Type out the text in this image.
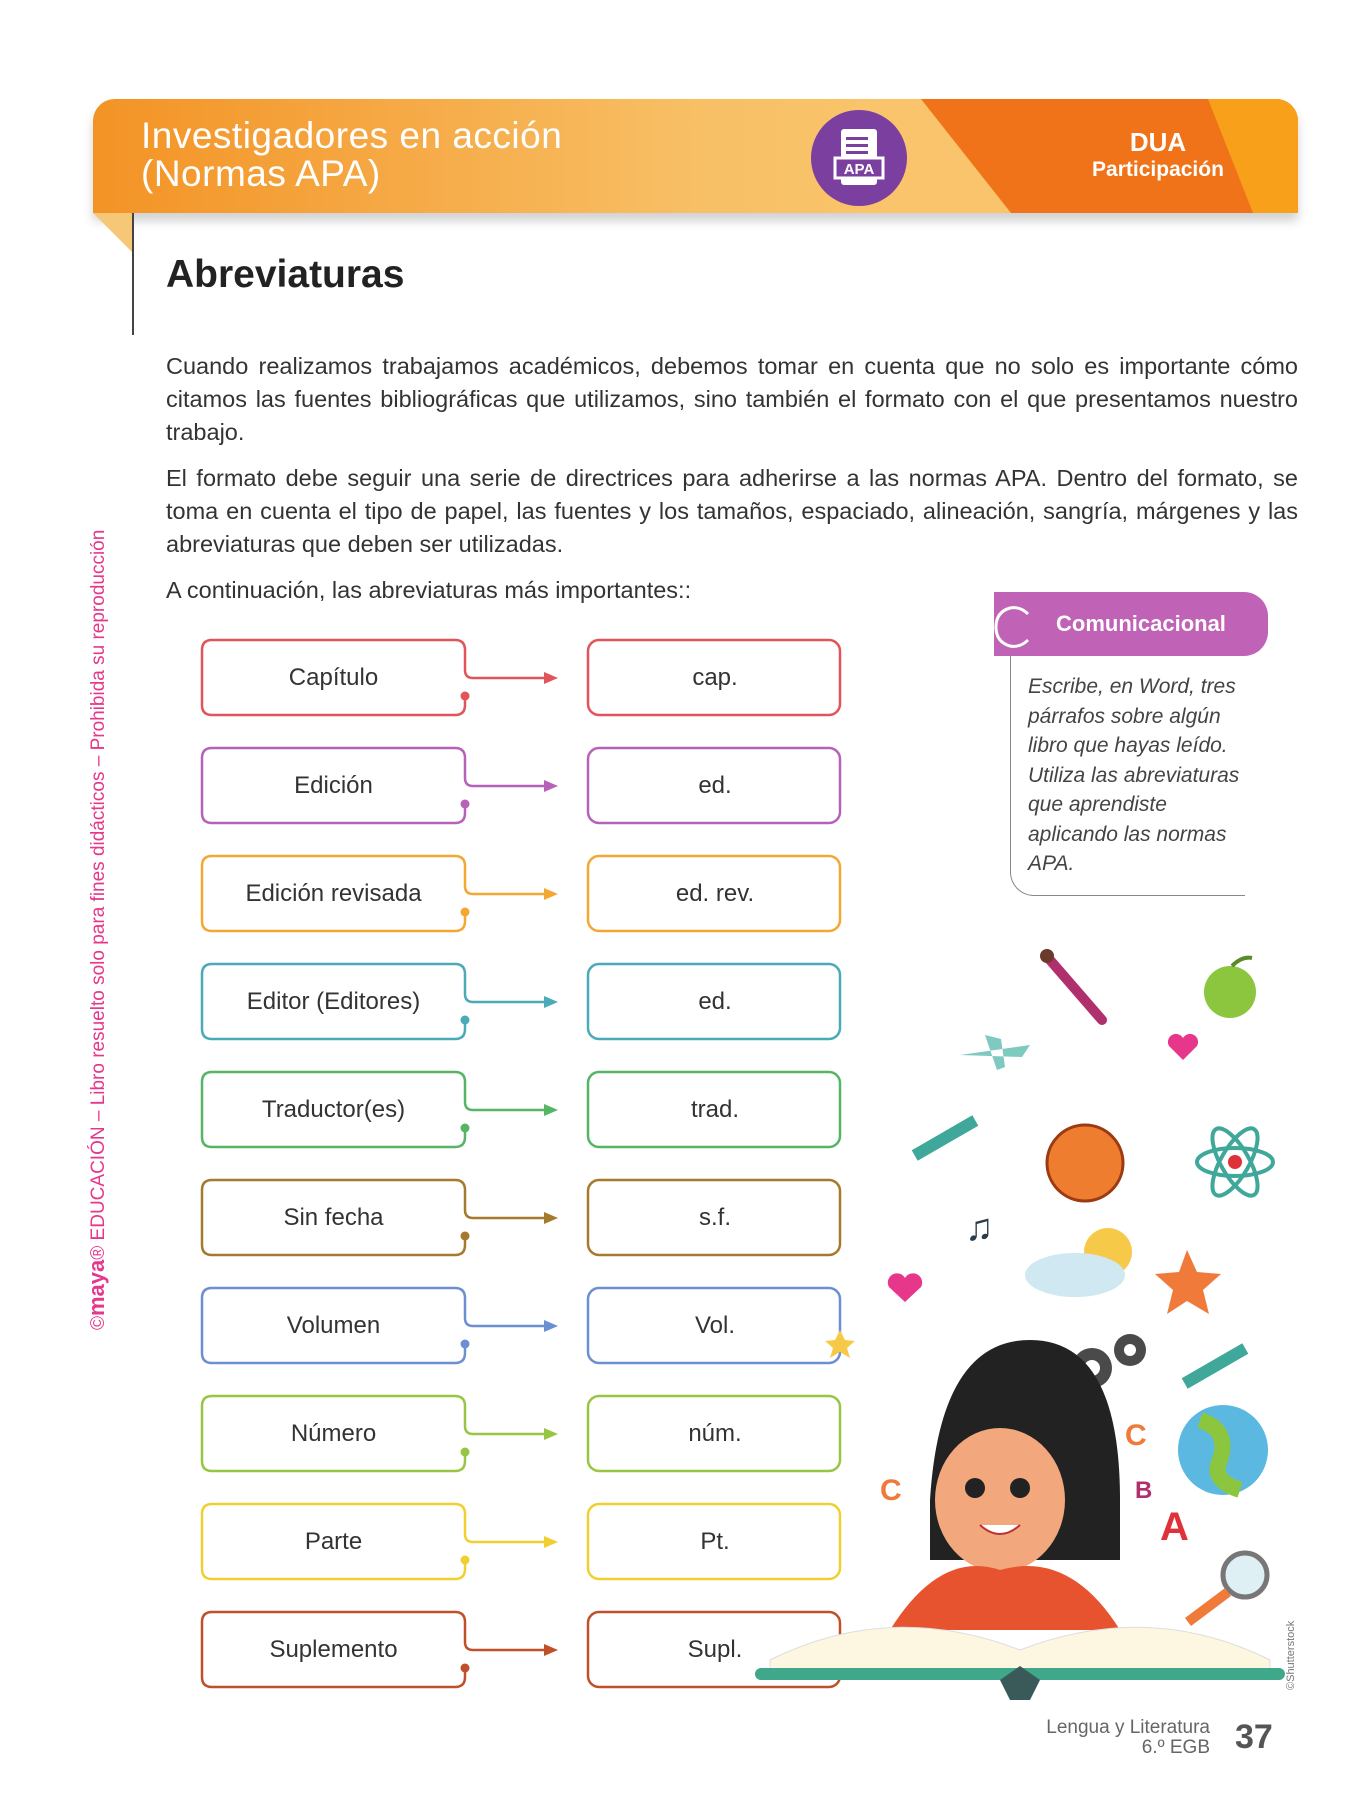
Investigadores en acción
(Normas APA)	APA
DUA
Participación
Abreviaturas
Cuando realizamos trabajamos académicos, debemos tomar en cuenta que no solo es importante cómo citamos las fuentes bibliográficas que utilizamos, sino también el formato con el que presentamos nuestro trabajo.
El formato debe seguir una serie de directrices para adherirse a las normas APA. Dentro del formato, se toma en cuenta el tipo de papel, las fuentes y los tamaños, espaciado, alineación, sangría, márgenes y las abreviaturas que deben ser utilizadas.
A continuación, las abreviaturas más importantes::
©maya® EDUCACIÓN – Libro resuelto solo para fines didácticos – Prohibida su reproducción	Capítulo	cap.
Edición	ed.
Edición revisada	ed. rev.
Editor (Editores)	ed.
Traductor(es)	trad.
Sin fecha	s.f.
Volumen	Vol.
Número	núm.
Parte	Pt.
Suplemento	Supl.
Comunicacional
Escribe, en Word, tres párrafos sobre algún libro que hayas leído. Utiliza las abreviaturas que aprendiste aplicando las normas APA.
♫
C
B
A
C
©Shutterstock
Lengua y Literatura
6.º EGB 37
